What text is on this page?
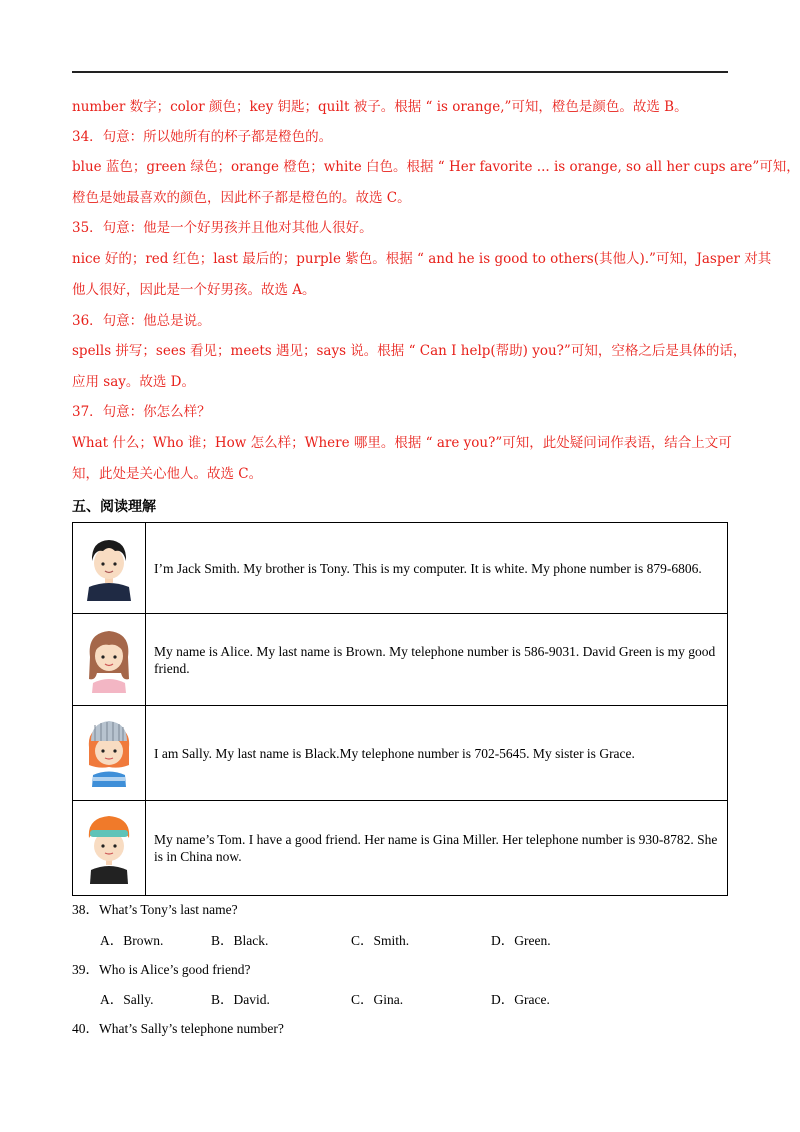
number 数字；color 颜色；key 钥匙；quilt 被子。根据 “ is orange,”可知，橙色是颜色。故选 B。
34．句意：所以她所有的杯子都是橙色的。
blue 蓝色；green 绿色；orange 橙色；white 白色。根据 “ Her favorite ... is orange, so all her cups are”可知，
橙色是她最喜欢的颜色，因此杯子都是橙色的。故选 C。
35．句意：他是一个好男孩并且他对其他人很好。
nice 好的；red 红色；last 最后的；purple 紫色。根据 “ and he is good to others(其他人).”可知，Jasper 对其
他人很好，因此是一个好男孩。故选 A。
36．句意：他总是说。
spells 拼写；sees 看见；meets 遇见；says 说。根据 “ Can I help(帮助) you?”可知，空格之后是具体的话，
应用 say。故选 D。
37．句意：你怎么样？
What 什么；Who 谁；How 怎么样；Where 哪里。根据 “ are you?”可知，此处疑问词作表语，结合上文可
知，此处是关心他人。故选 C。
五、阅读理解
	I’m Jack Smith. My brother is Tony. This is my computer. It is white. My phone number is 879-6806.
	My name is Alice. My last name is Brown. My telephone number is 586-9031. David Green is my good friend.
	I am Sally. My last name is Black.My telephone number is 702-5645. My sister is Grace.
	My name’s Tom. I have a good friend. Her name is Gina Miller. Her telephone number is 930-8782. She is in China now.
38．What’s Tony’s last name?
A．Brown.	B．Black.	C．Smith.	D．Green.
39．Who is Alice’s good friend?
A．Sally.	B．David.	C．Gina.	D．Grace.
40．What’s Sally’s telephone number?
